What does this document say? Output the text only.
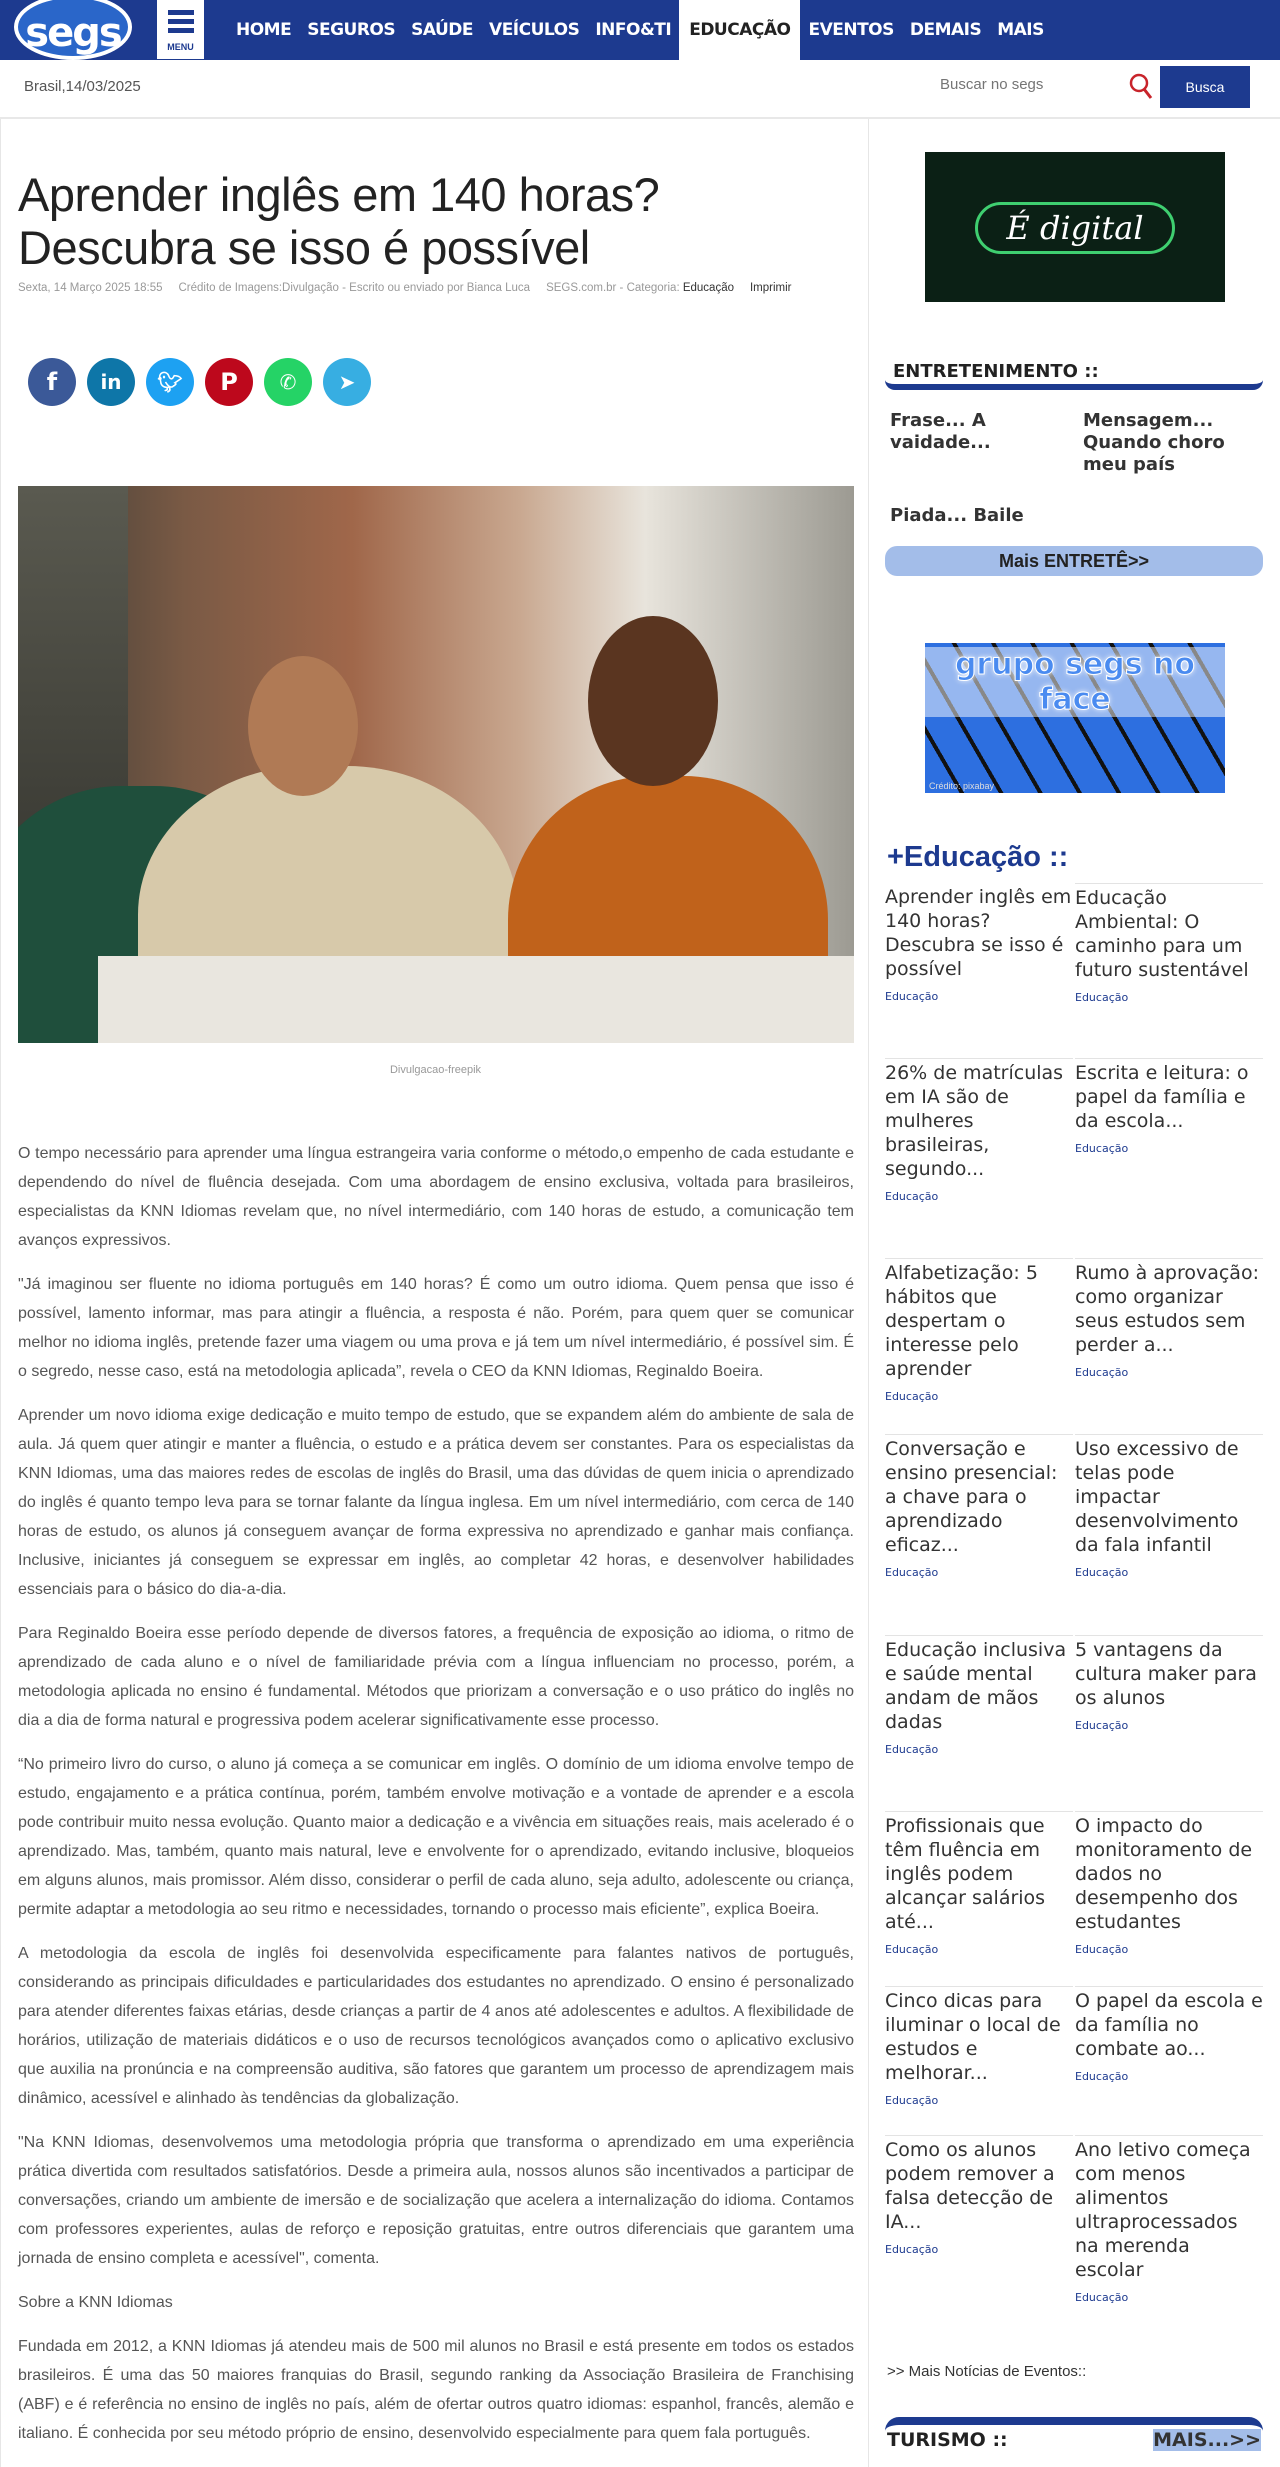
segs	MENU
HOME SEGUROS SAÚDE VEÍCULOS INFO&TI	EDUCAÇÃO	EVENTOS DEMAIS MAIS
Brasil,14/03/2025
Buscar no segs	Busca
Aprender inglês em 140 horas? Descubra se isso é possível
Sexta, 14 Março 2025 18:55 Crédito de Imagens:Divulgação - Escrito ou enviado por Bianca Luca SEGS.com.br - Categoria: Educação Imprimir
f	in	🐦︎	P	✆	➤
Divulgacao-freepik

O tempo necessário para aprender uma língua estrangeira varia conforme o método,o empenho de cada estudante e dependendo do nível de fluência desejada. Com uma abordagem de ensino exclusiva, voltada para brasileiros, especialistas da KNN Idiomas revelam que, no nível intermediário, com 140 horas de estudo, a comunicação tem avanços expressivos.

"Já imaginou ser fluente no idioma português em 140 horas? É como um outro idioma. Quem pensa que isso é possível, lamento informar, mas para atingir a fluência, a resposta é não. Porém, para quem quer se comunicar melhor no idioma inglês, pretende fazer uma viagem ou uma prova e já tem um nível intermediário, é possível sim. É o segredo, nesse caso, está na metodologia aplicada”, revela o CEO da KNN Idiomas, Reginaldo Boeira.

Aprender um novo idioma exige dedicação e muito tempo de estudo, que se expandem além do ambiente de sala de aula. Já quem quer atingir e manter a fluência, o estudo e a prática devem ser constantes. Para os especialistas da KNN Idiomas, uma das maiores redes de escolas de inglês do Brasil, uma das dúvidas de quem inicia o aprendizado do inglês é quanto tempo leva para se tornar falante da língua inglesa. Em um nível intermediário, com cerca de 140 horas de estudo, os alunos já conseguem avançar de forma expressiva no aprendizado e ganhar mais confiança. Inclusive, iniciantes já conseguem se expressar em inglês, ao completar 42 horas, e desenvolver habilidades essenciais para o básico do dia-a-dia.

Para Reginaldo Boeira esse período depende de diversos fatores, a frequência de exposição ao idioma, o ritmo de aprendizado de cada aluno e o nível de familiaridade prévia com a língua influenciam no processo, porém, a metodologia aplicada no ensino é fundamental. Métodos que priorizam a conversação e o uso prático do inglês no dia a dia de forma natural e progressiva podem acelerar significativamente esse processo.

“No primeiro livro do curso, o aluno já começa a se comunicar em inglês. O domínio de um idioma envolve tempo de estudo, engajamento e a prática contínua, porém, também envolve motivação e a vontade de aprender e a escola pode contribuir muito nessa evolução. Quanto maior a dedicação e a vivência em situações reais, mais acelerado é o aprendizado. Mas, também, quanto mais natural, leve e envolvente for o aprendizado, evitando inclusive, bloqueios em alguns alunos, mais promissor. Além disso, considerar o perfil de cada aluno, seja adulto, adolescente ou criança, permite adaptar a metodologia ao seu ritmo e necessidades, tornando o processo mais eficiente”, explica Boeira.

A metodologia da escola de inglês foi desenvolvida especificamente para falantes nativos de português, considerando as principais dificuldades e particularidades dos estudantes no aprendizado. O ensino é personalizado para atender diferentes faixas etárias, desde crianças a partir de 4 anos até adolescentes e adultos. A flexibilidade de horários, utilização de materiais didáticos e o uso de recursos tecnológicos avançados como o aplicativo exclusivo que auxilia na pronúncia e na compreensão auditiva, são fatores que garantem um processo de aprendizagem mais dinâmico, acessível e alinhado às tendências da globalização.

"Na KNN Idiomas, desenvolvemos uma metodologia própria que transforma o aprendizado em uma experiência prática divertida com resultados satisfatórios. Desde a primeira aula, nossos alunos são incentivados a participar de conversações, criando um ambiente de imersão e de socialização que acelera a internalização do idioma. Contamos com professores experientes, aulas de reforço e reposição gratuitas, entre outros diferenciais que garantem uma jornada de ensino completa e acessível", comenta.

Sobre a KNN Idiomas

Fundada em 2012, a KNN Idiomas já atendeu mais de 500 mil alunos no Brasil e está presente em todos os estados brasileiros. É uma das 50 maiores franquias do Brasil, segundo ranking da Associação Brasileira de Franchising (ABF) e é referência no ensino de inglês no país, além de ofertar outros quatro idiomas: espanhol, francês, alemão e italiano. É conhecida por seu método próprio de ensino, desenvolvido especialmente para quem fala português.

É digital
ENTRETENIMENTO ::
Frase... A vaidade...
Mensagem... Quando choro meu país
Piada... Baile
Mais ENTRETÊ>>
grupo segs no face
Crédito: pixabay
+Educação ::
Aprender inglês em 140 horas? Descubra se isso é possível
Educação
Educação Ambiental: O caminho para um futuro sustentável
Educação
26% de matrículas em IA são de mulheres brasileiras, segundo...
Educação
Escrita e leitura: o papel da família e da escola...
Educação
Alfabetização: 5 hábitos que despertam o interesse pelo aprender
Educação
Rumo à aprovação: como organizar seus estudos sem perder a...
Educação
Conversação e ensino presencial: a chave para o aprendizado eficaz...
Educação
Uso excessivo de telas pode impactar desenvolvimento da fala infantil
Educação
Educação inclusiva e saúde mental andam de mãos dadas
Educação
5 vantagens da cultura maker para os alunos
Educação
Profissionais que têm fluência em inglês podem alcançar salários até...
Educação
O impacto do monitoramento de dados no desempenho dos estudantes
Educação
Cinco dicas para iluminar o local de estudos e melhorar...
Educação
O papel da escola e da família no combate ao...
Educação
Como os alunos podem remover a falsa detecção de IA...
Educação
Ano letivo começa com menos alimentos ultraprocessados na merenda escolar
Educação
>> Mais Notícias de Eventos::
TURISMO ::	MAIS...>>
